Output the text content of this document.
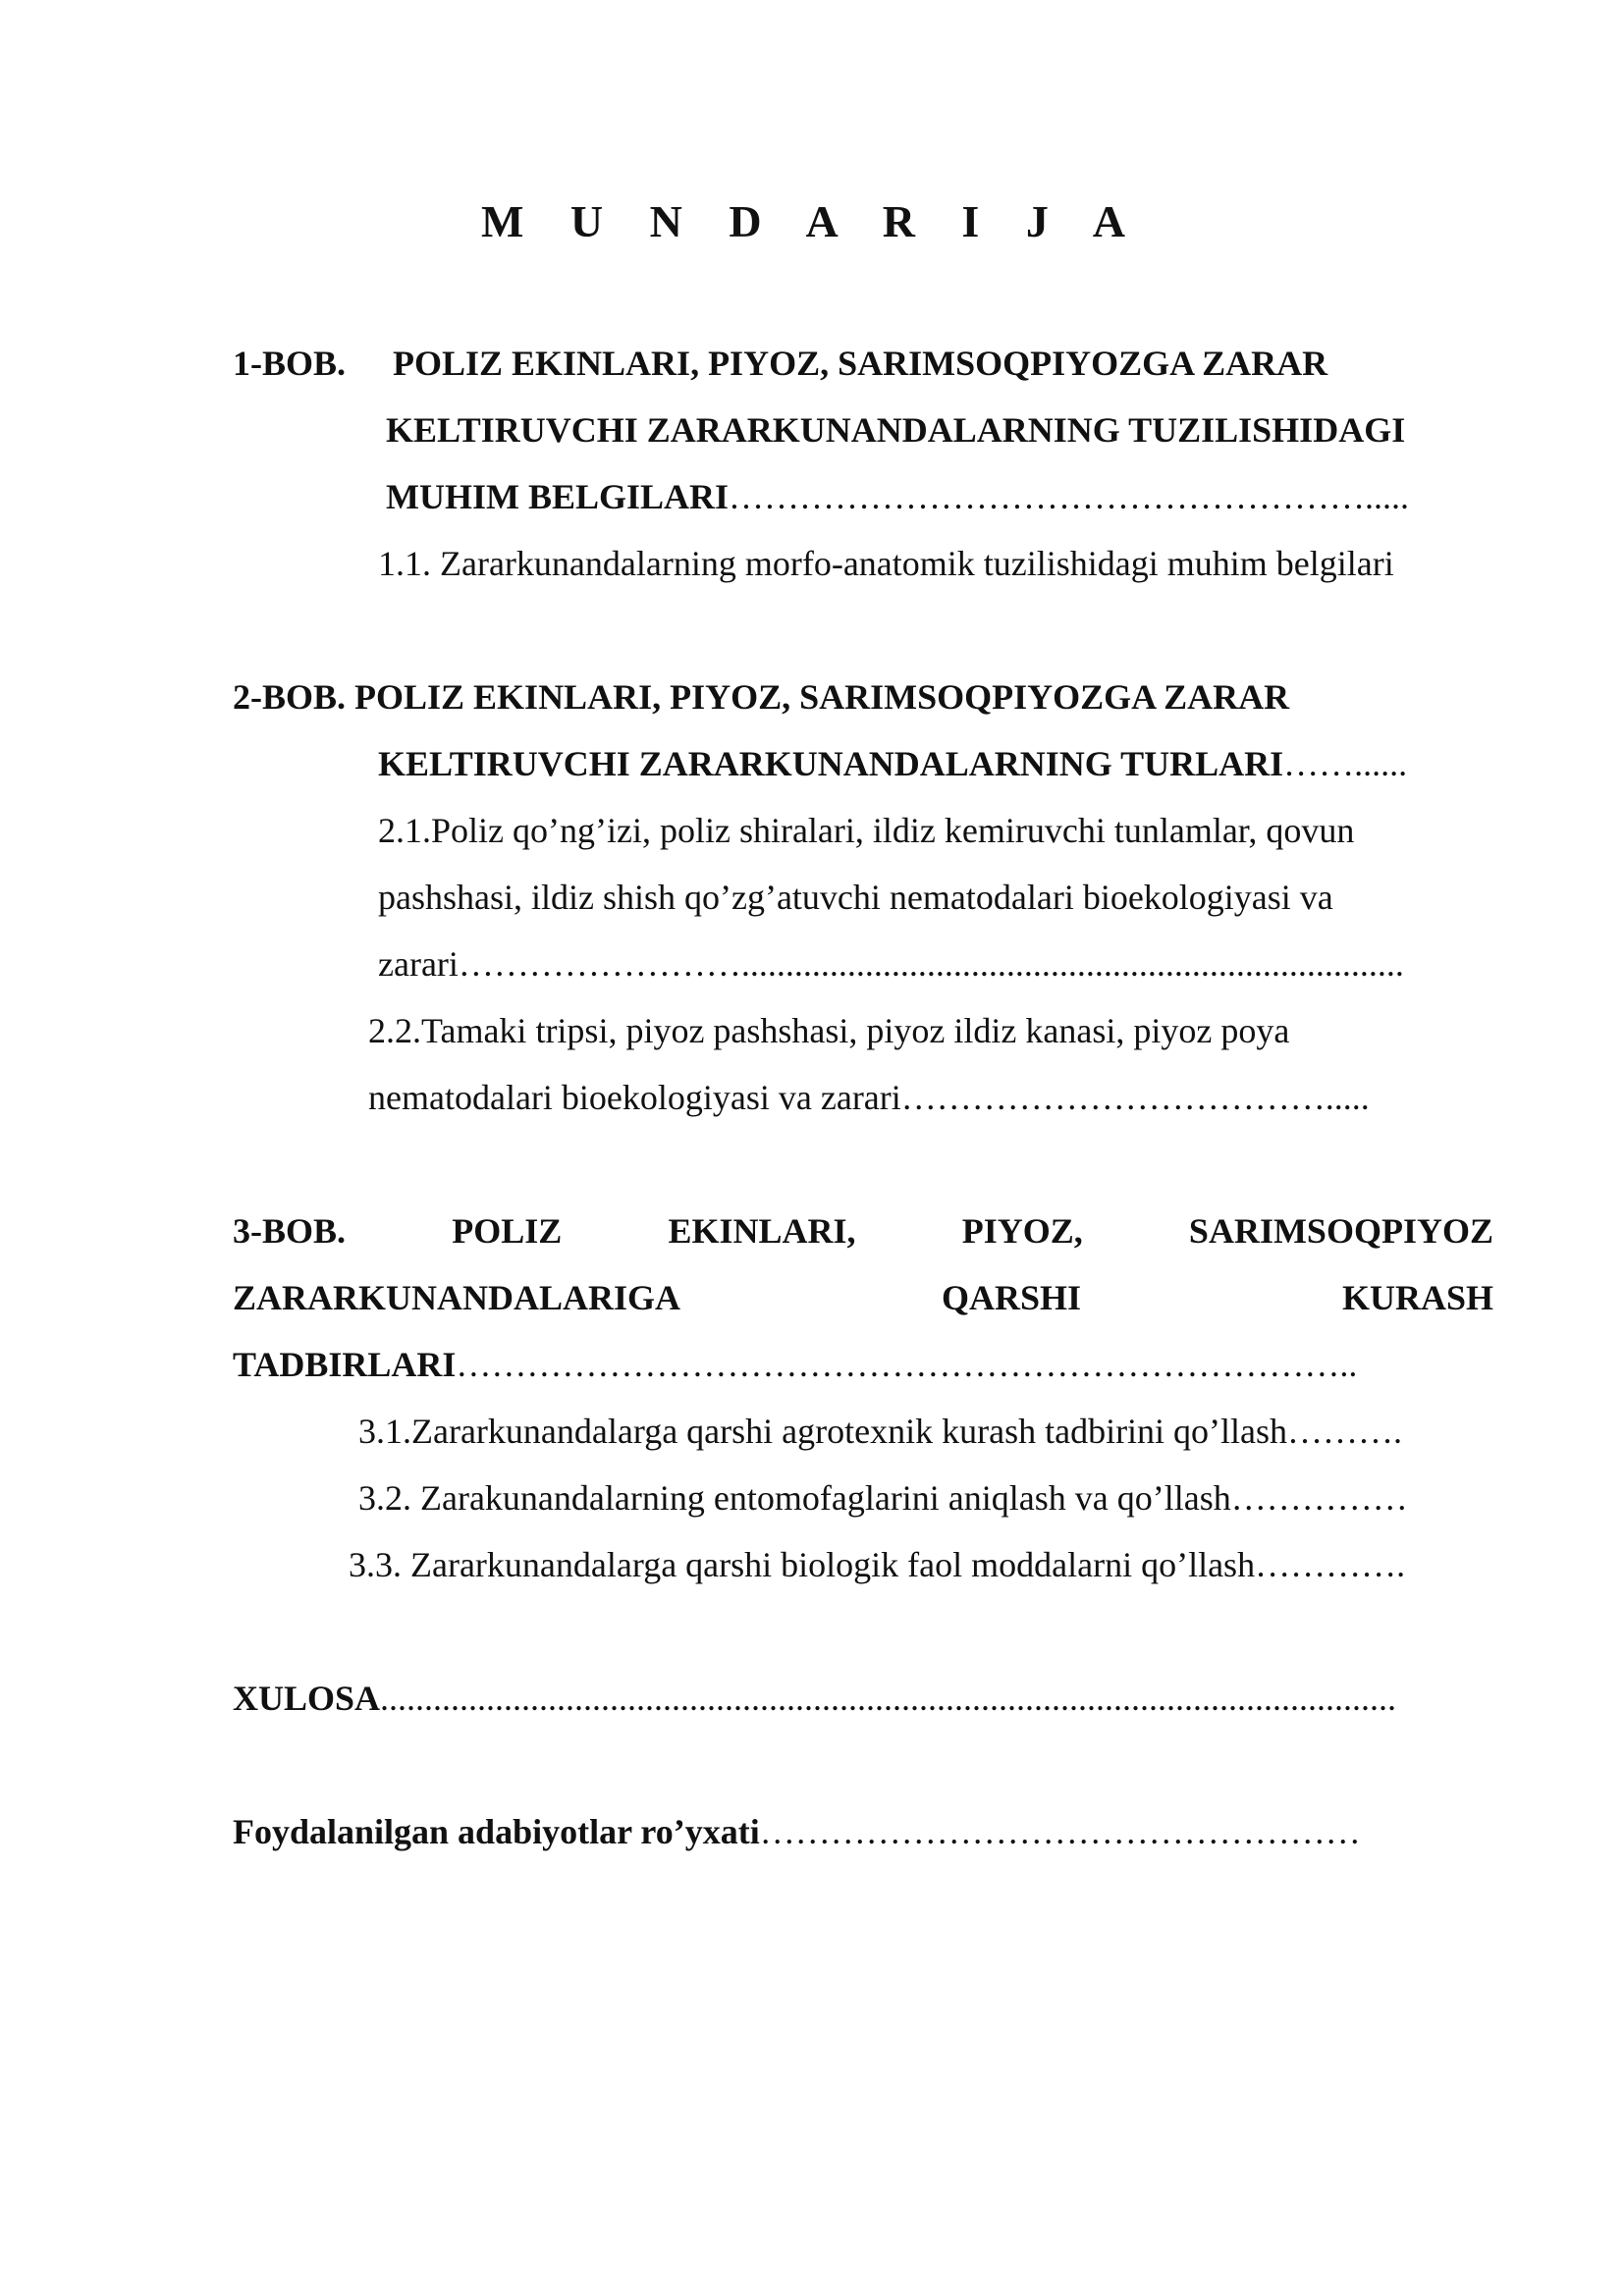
M U N D A R I J A
1-BOB. POLIZ EKINLARI, PIYOZ, SARIMSOQPIYOZGA ZARAR
KELTIRUVCHI ZARARKUNANDALARNING TUZILISHIDAGI
MUHIM BELGILARI……………………………………………….....
1.1. Zararkunandalarning morfo-anatomik tuzilishidagi muhim belgilari
2-BOB. POLIZ EKINLARI, PIYOZ, SARIMSOQPIYOZGA ZARAR
KELTIRUVCHI ZARARKUNANDALARNING TURLARI……......
2.1.Poliz qo’ng’izi, poliz shiralari, ildiz kemiruvchi tunlamlar, qovun
pashshasi, ildiz shish qo’zg’atuvchi nematodalari bioekologiyasi va
zarari……………………...........................................................................
2.2.Tamaki tripsi, piyoz pashshasi, piyoz ildiz kanasi, piyoz poya
nematodalari bioekologiyasi va zarari……………………………….....
3-BOB.	POLIZ	EKINLARI,	PIYOZ,	SARIMSOQPIYOZ
ZARARKUNANDALARIGA	QARSHI	KURASH
TADBIRLARI…………………………………………………………………..
3.1.Zararkunandalarga qarshi agrotexnik kurash tadbirini qo’llash……….
3.2. Zarakunandalarning entomofaglarini aniqlash va qo’llash……………
3.3. Zararkunandalarga qarshi biologik faol moddalarni qo’llash………….
XULOSA...................................................................................................................
Foydalanilgan adabiyotlar ro’yxati……………………………………………
